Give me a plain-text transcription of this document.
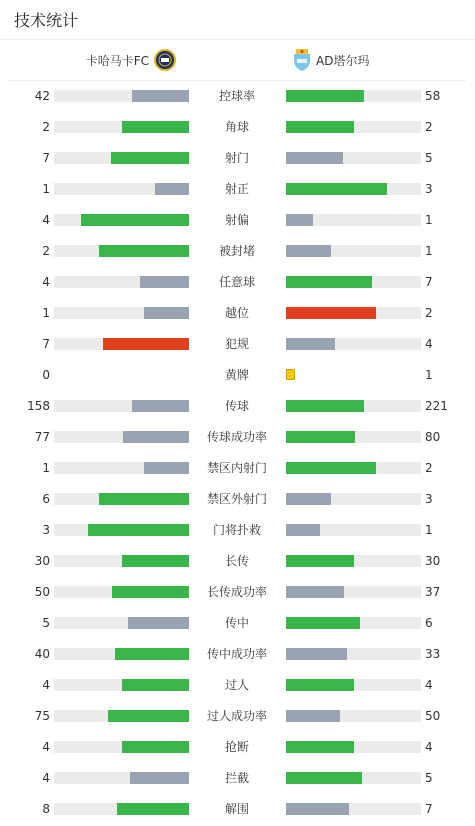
技术统计
卡哈马卡FC	AD塔尔玛
42	控球率	58
2	角球	2
7	射门	5
1	射正	3
4	射偏	1
2	被封堵	1
4	任意球	7
1	越位	2
7	犯规	4
0	黄牌	1
158	传球	221
77	传球成功率	80
1	禁区内射门	2
6	禁区外射门	3
3	门将扑救	1
30	长传	30
50	长传成功率	37
5	传中	6
40	传中成功率	33
4	过人	4
75	过人成功率	50
4	抢断	4
4	拦截	5
8	解围	7
